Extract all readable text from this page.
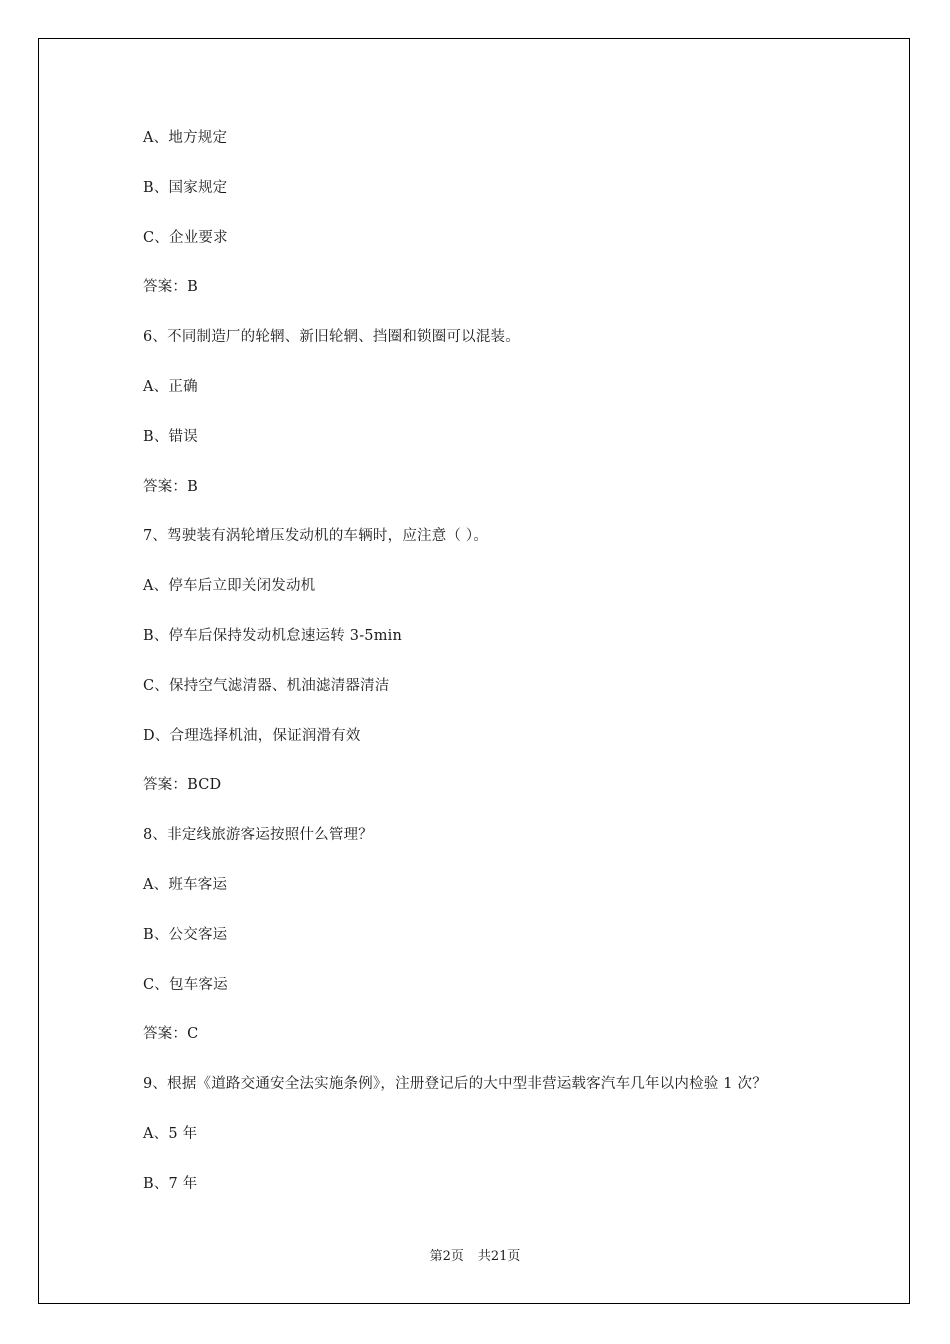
A、地方规定
B、国家规定
C、企业要求
答案：B
6、不同制造厂的轮辋、新旧轮辋、挡圈和锁圈可以混装。
A、正确
B、错误
答案：B
7、驾驶装有涡轮增压发动机的车辆时，应注意（ ）。
A、停车后立即关闭发动机
B、停车后保持发动机怠速运转 3-5min
C、保持空气滤清器、机油滤清器清洁
D、合理选择机油，保证润滑有效
答案：BCD
8、非定线旅游客运按照什么管理？
A、班车客运
B、公交客运
C、包车客运
答案：C
9、根据《道路交通安全法实施条例》，注册登记后的大中型非营运载客汽车几年以内检验 1 次？
A、5 年
B、7 年
第2页 共21页
